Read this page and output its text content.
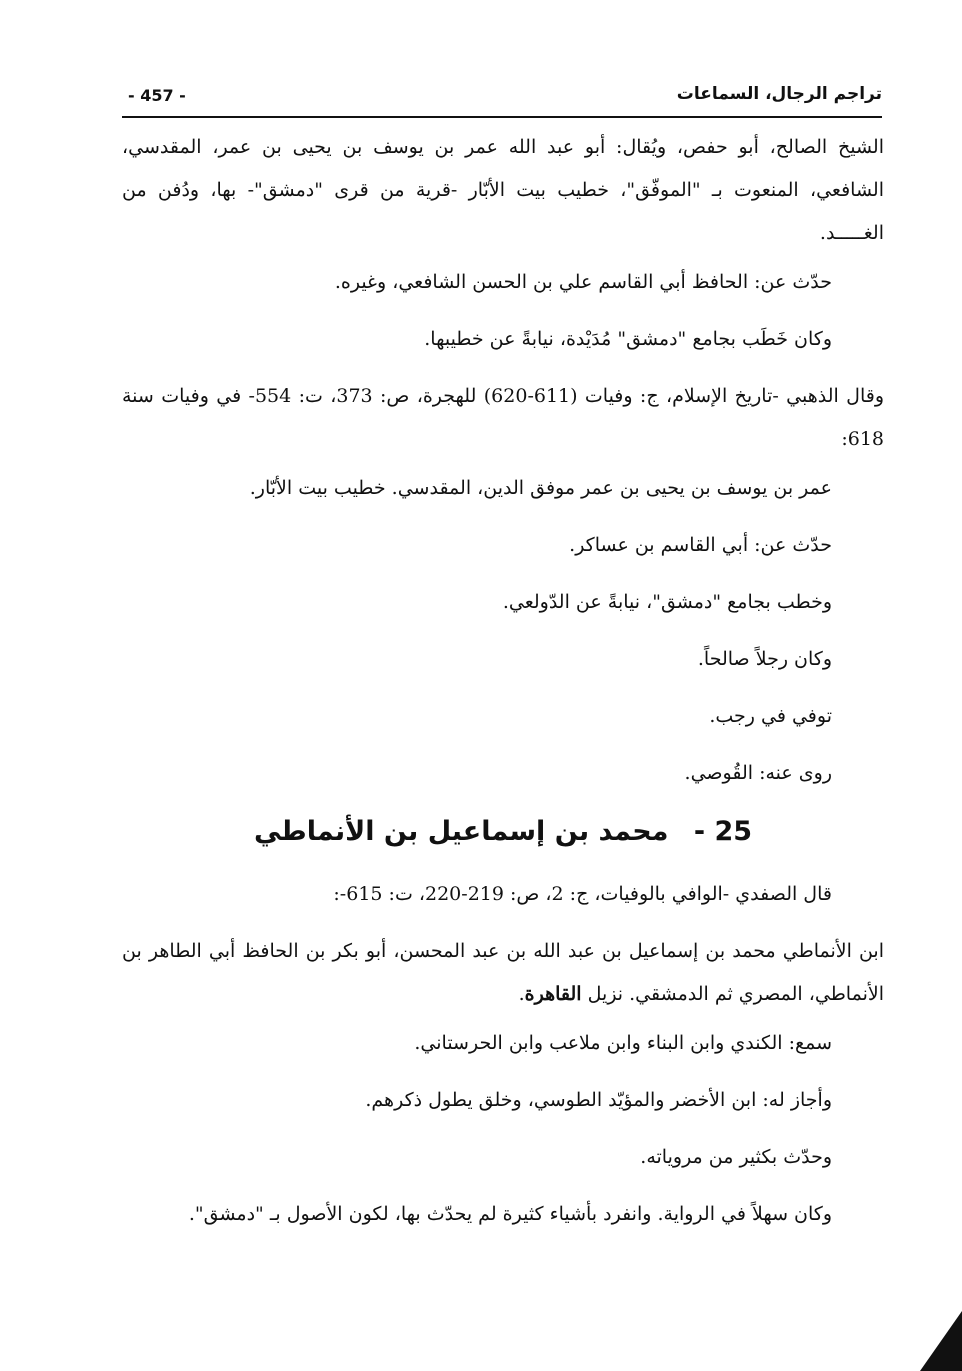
تراجم الرجال، السماعات
- 457 -

الشيخ الصالح، أبو حفص، ويُقال: أبو عبد الله عمر بن يوسف بن يحيى بن عمر، المقدسي، الشافعي، المنعوت بـ "الموفّق"، خطيب بيت الأبّار -قرية من قرى "دمشق"- بها، ودُفن من الغـــــد.

حدّث عن: الحافظ أبي القاسم علي بن الحسن الشافعي، وغيره.

وكان خَطَب بجامع "دمشق" مُدَيْدة، نيابةً عن خطيبها.

وقال الذهبي -تاريخ الإسلام، ج: وفيات (611-620) للهجرة، ص: 373، ت: 554- في وفيات سنة 618:

عمر بن يوسف بن يحيى بن عمر موفق الدين، المقدسي. خطيب بيت الأبّار.

حدّث عن: أبي القاسم بن عساكر.

وخطب بجامع "دمشق"، نيابةً عن الدّولعي.

وكان رجلاً صالحاً.

توفي في رجب.

روى عنه: القُوصي.

25 - محمد بن إسماعيل بن الأنماطي

قال الصفدي -الوافي بالوفيات، ج: 2، ص: 219-220، ت: 615-:

ابن الأنماطي محمد بن إسماعيل بن عبد الله بن عبد المحسن، أبو بكر بن الحافظ أبي الطاهر بن الأنماطي، المصري ثم الدمشقي. نزيل القاهرة.

سمع: الكندي وابن البناء وابن ملاعب وابن الحرستاني.

وأجاز له: ابن الأخضر والمؤيّد الطوسي، وخلق يطول ذكرهم.

وحدّث بكثير من مروياته.

وكان سهلاً في الرواية. وانفرد بأشياء كثيرة لم يحدّث بها، لكون الأصول بـ "دمشق".
